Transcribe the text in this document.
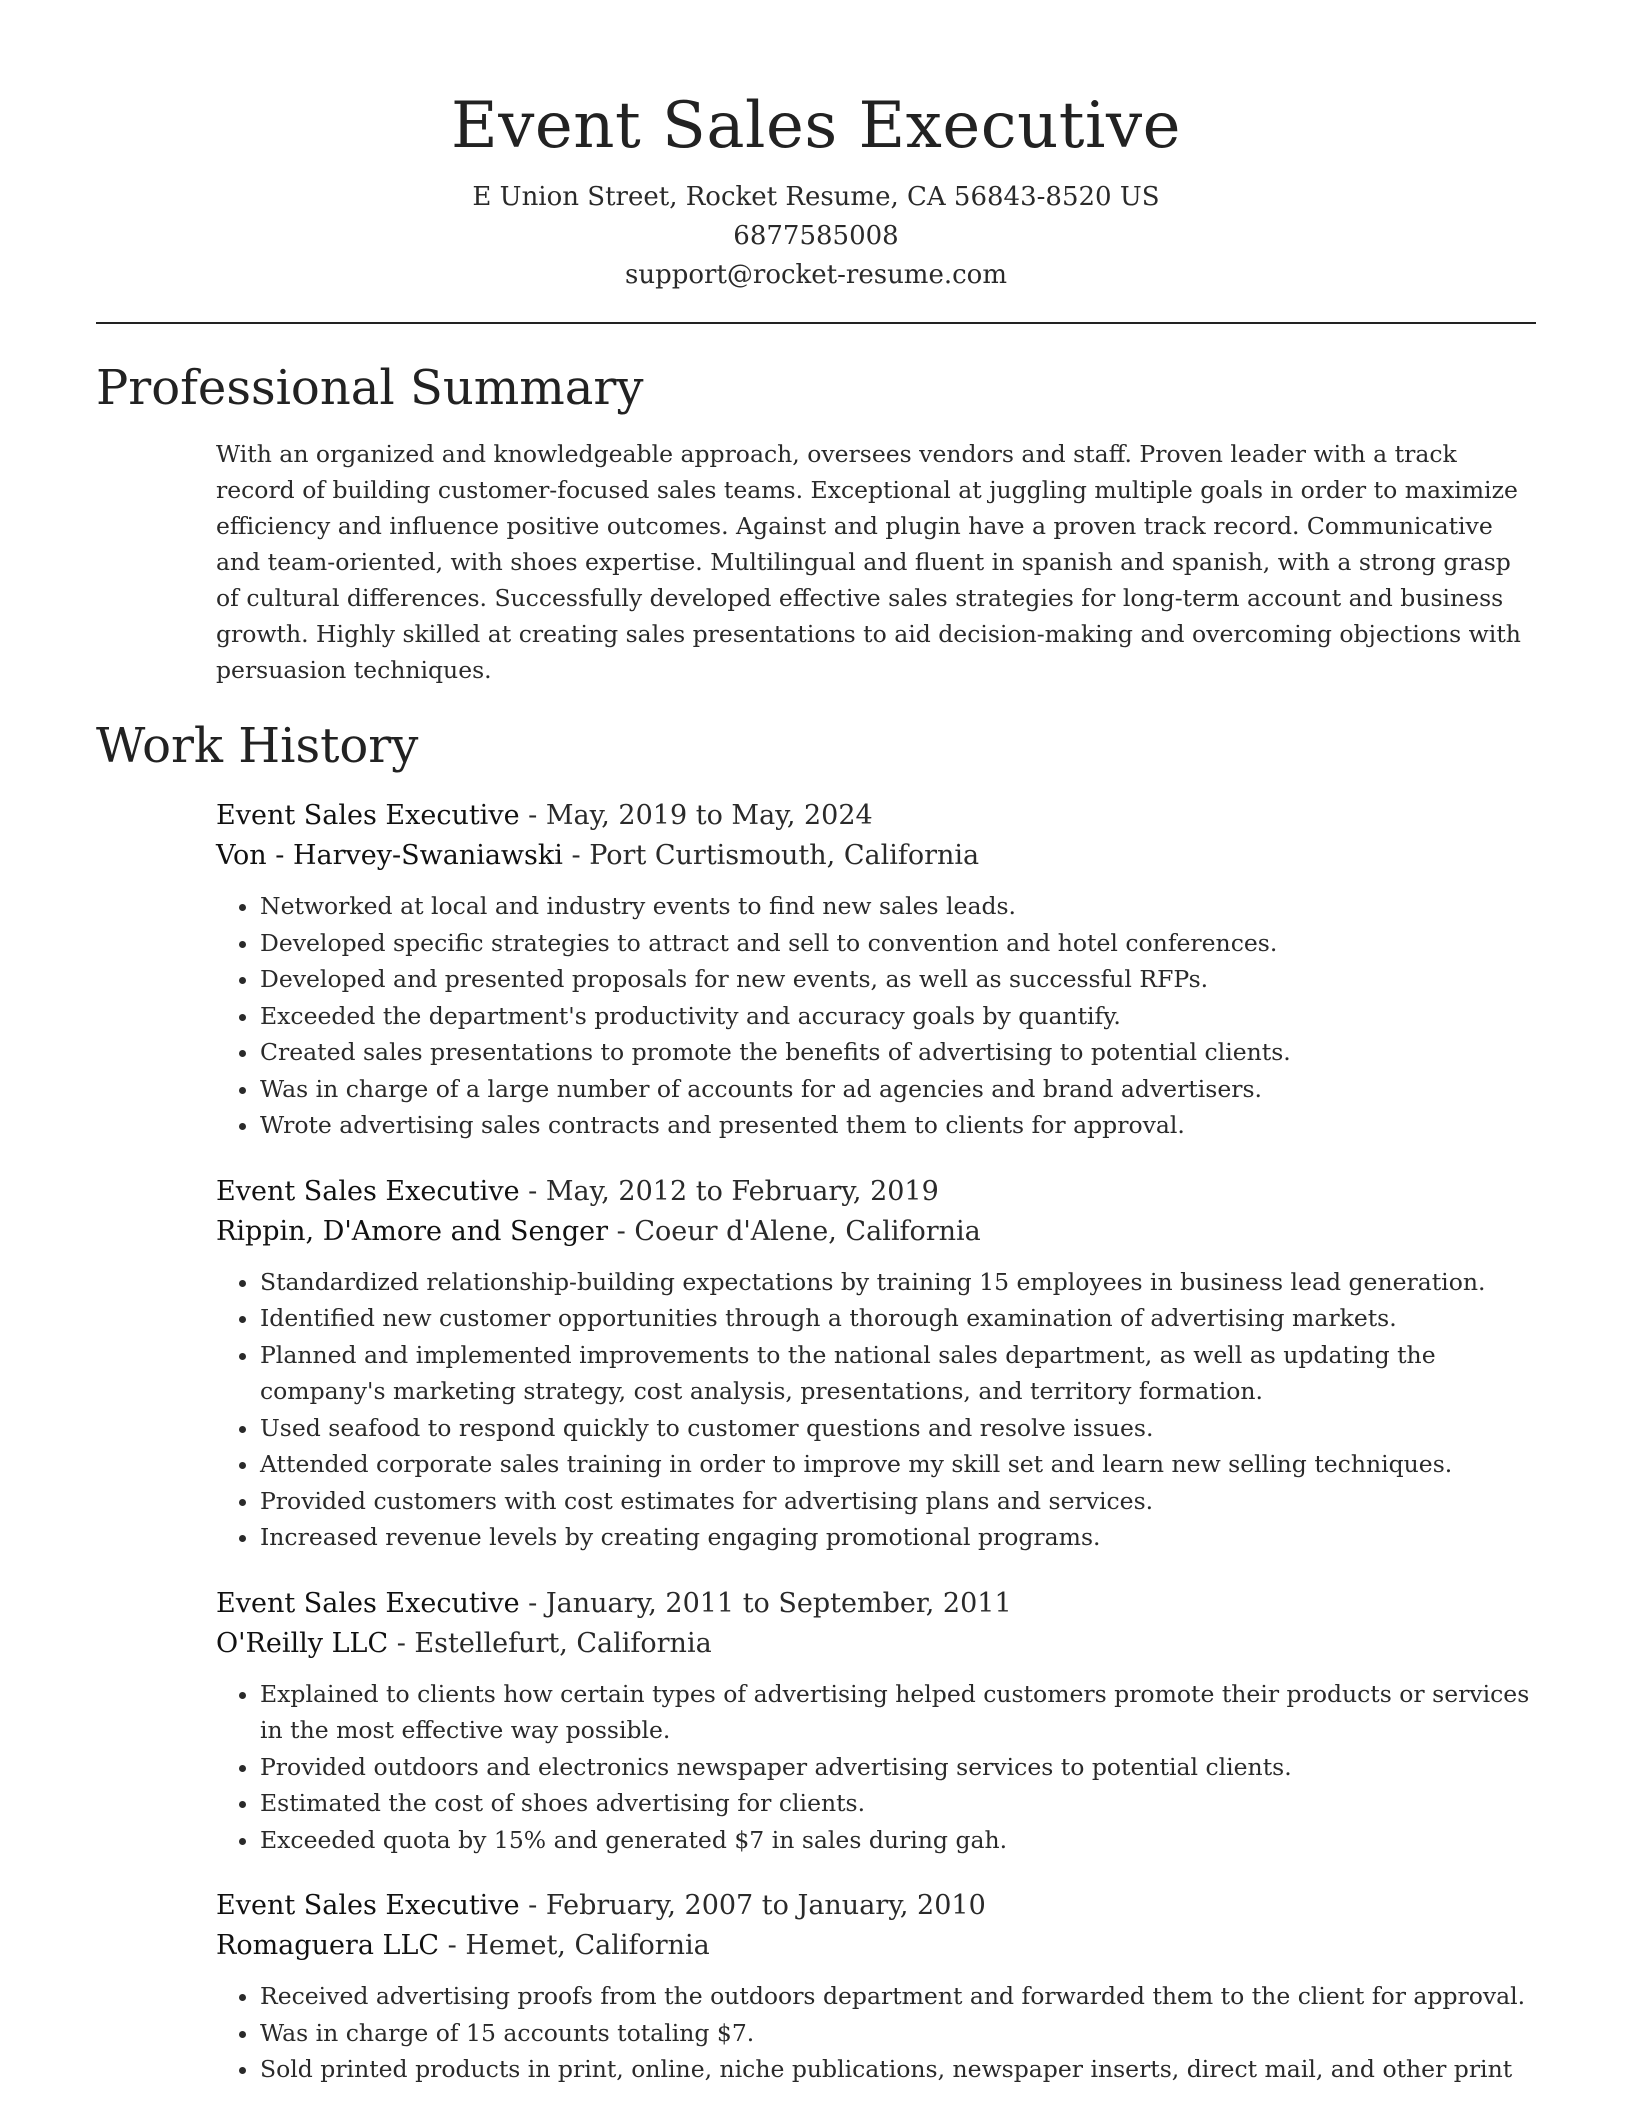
Event Sales Executive
E Union Street, Rocket Resume, CA 56843-8520 US
6877585008
support@rocket-resume.com
Professional Summary

With an organized and knowledgeable approach, oversees vendors and staff. Proven leader with a track record of building customer-focused sales teams. Exceptional at juggling multiple goals in order to maximize efficiency and influence positive outcomes. Against and plugin have a proven track record. Communicative and team-oriented, with shoes expertise. Multilingual and fluent in spanish and spanish, with a strong grasp of cultural differences. Successfully developed effective sales strategies for long-term account and business growth. Highly skilled at creating sales presentations to aid decision-making and overcoming objections with persuasion techniques.

Work History
Event Sales Executive - May, 2019 to May, 2024
Von - Harvey-Swaniawski - Port Curtismouth, California
• Networked at local and industry events to find new sales leads.
• Developed specific strategies to attract and sell to convention and hotel conferences.
• Developed and presented proposals for new events, as well as successful RFPs.
• Exceeded the department's productivity and accuracy goals by quantify.
• Created sales presentations to promote the benefits of advertising to potential clients.
• Was in charge of a large number of accounts for ad agencies and brand advertisers.
• Wrote advertising sales contracts and presented them to clients for approval.
Event Sales Executive - May, 2012 to February, 2019
Rippin, D'Amore and Senger - Coeur d'Alene, California
• Standardized relationship-building expectations by training 15 employees in business lead generation.
• Identified new customer opportunities through a thorough examination of advertising markets.
• Planned and implemented improvements to the national sales department, as well as updating the company's marketing strategy, cost analysis, presentations, and territory formation.
• Used seafood to respond quickly to customer questions and resolve issues.
• Attended corporate sales training in order to improve my skill set and learn new selling techniques.
• Provided customers with cost estimates for advertising plans and services.
• Increased revenue levels by creating engaging promotional programs.
Event Sales Executive - January, 2011 to September, 2011
O'Reilly LLC - Estellefurt, California
• Explained to clients how certain types of advertising helped customers promote their products or services in the most effective way possible.
• Provided outdoors and electronics newspaper advertising services to potential clients.
• Estimated the cost of shoes advertising for clients.
• Exceeded quota by 15% and generated $7 in sales during gah.
Event Sales Executive - February, 2007 to January, 2010
Romaguera LLC - Hemet, California
• Received advertising proofs from the outdoors department and forwarded them to the client for approval.
• Was in charge of 15 accounts totaling $7.
• Sold printed products in print, online, niche publications, newspaper inserts, direct mail, and other print
